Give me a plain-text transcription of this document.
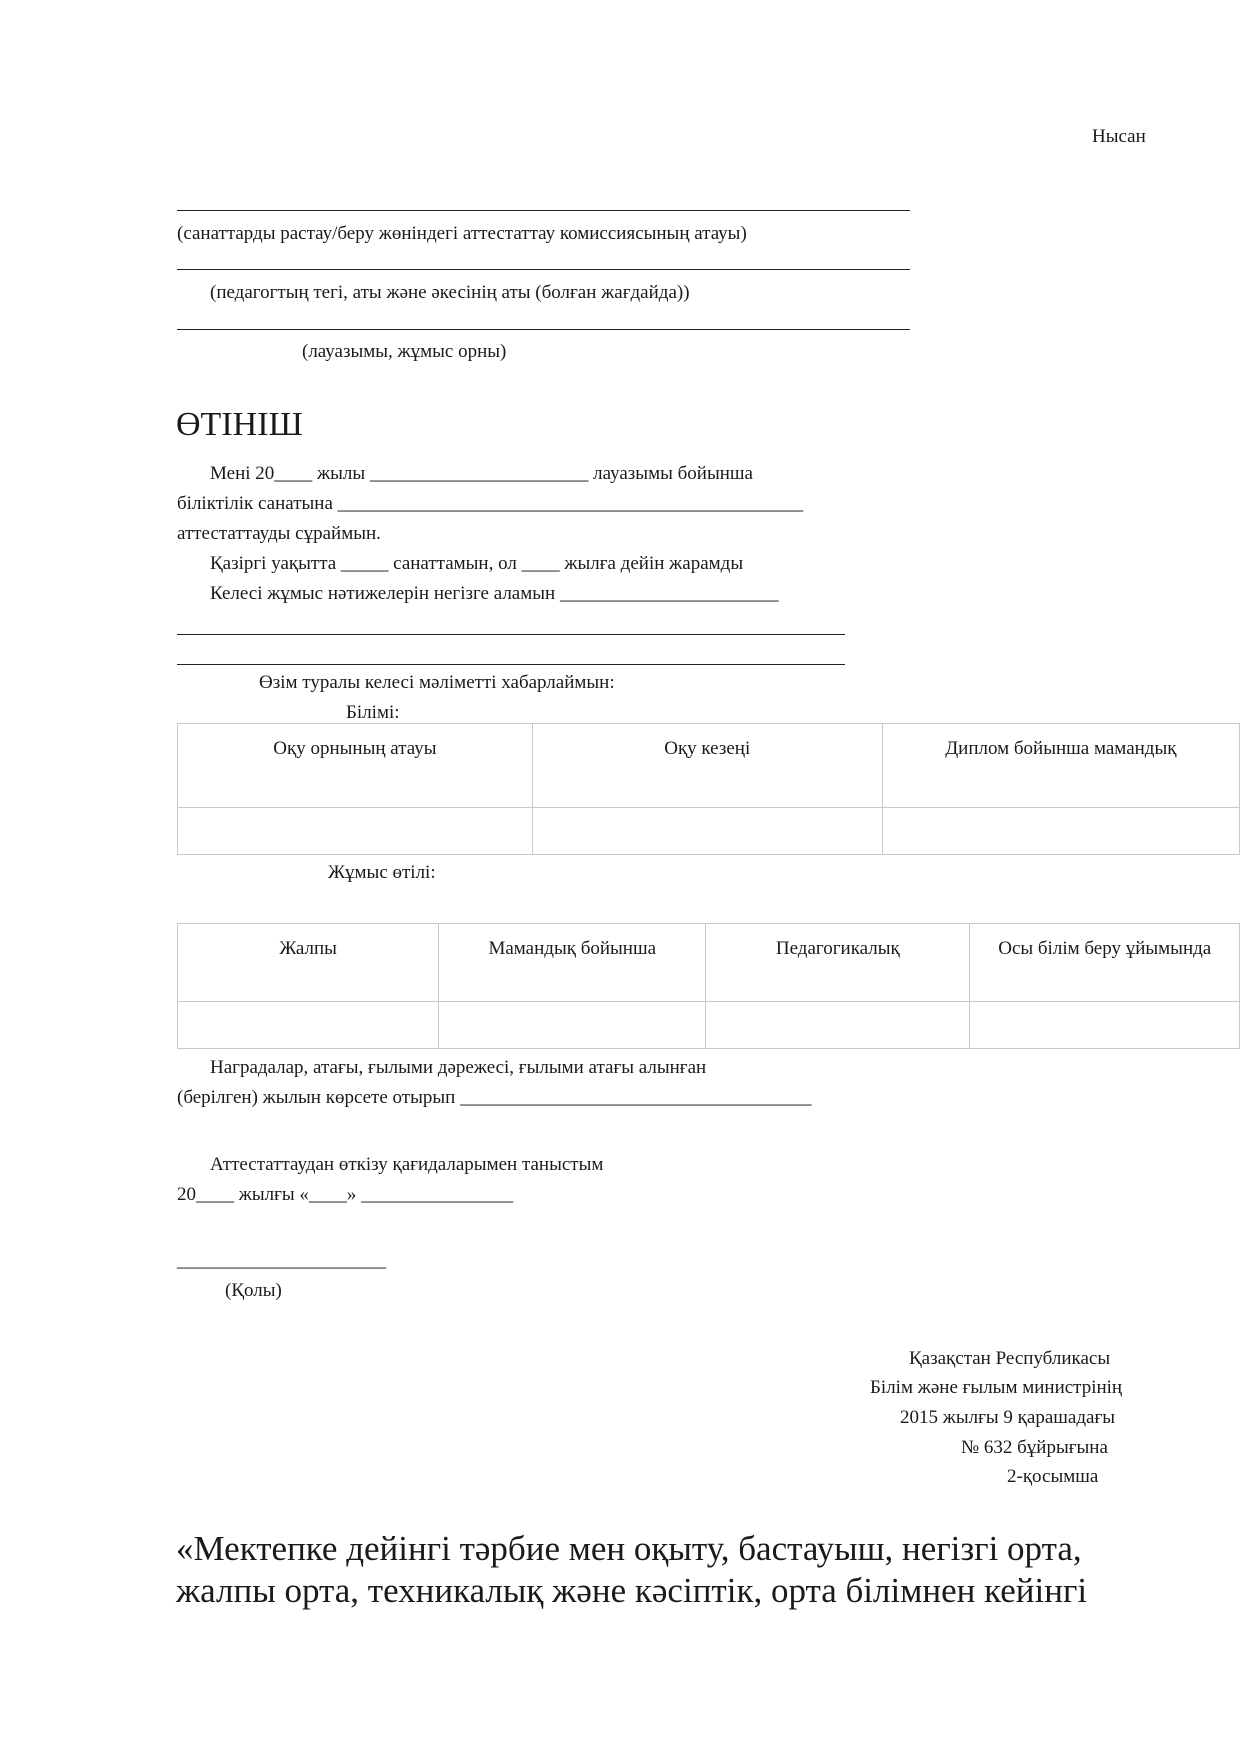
Нысан
(санаттарды растау/беру жөніндегі аттестаттау комиссиясының атауы)
(педагогтың тегі, аты және әкесінің аты (болған жағдайда))
(лауазымы, жұмыс орны)
ӨТІНІШ
Мені 20____ жылы _______________________ лауазымы бойынша
біліктілік санатына _________________________________________________
аттестаттауды сұраймын.
Қазіргі уақытта _____ санаттамын, ол ____ жылға дейін жарамды
Келесі жұмыс нәтижелерін негізге аламын _______________________
Өзім туралы келесі мәліметті хабарлаймын:
Білімі:
Оқу орнының атауы	Оқу кезеңі	Диплом бойынша мамандық

Жұмыс өтілі:
Жалпы	Мамандық бойынша	Педагогикалық	Осы білім беру ұйымында

Наградалар, атағы, ғылыми дәрежесі, ғылыми атағы алынған
(берілген) жылын көрсете отырып _____________________________________
Аттестаттаудан өткізу қағидаларымен таныстым
20____ жылғы «____» ________________
______________________
(Қолы)
Қазақстан Республикасы
Білім және ғылым министрінің
2015 жылғы 9 қарашадағы
№ 632 бұйрығына
2-қосымша
«Мектепке дейінгі тәрбие мен оқыту, бастауыш, негізгі орта,
жалпы орта, техникалық және кәсіптік, орта білімнен кейінгі
